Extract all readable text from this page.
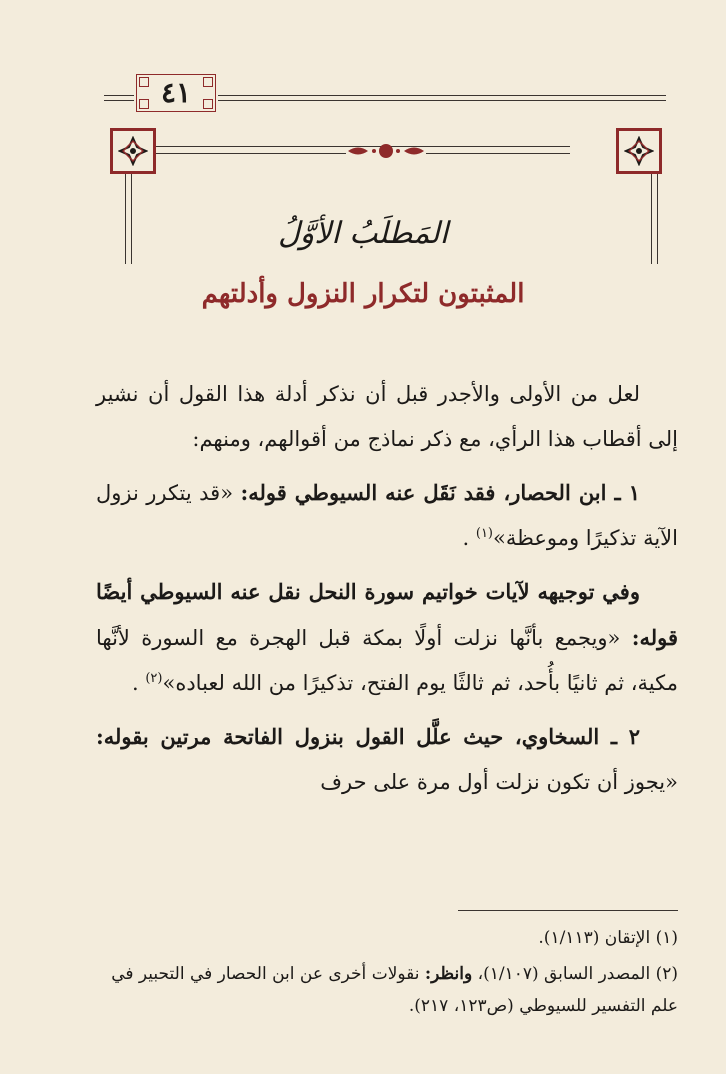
٤١
المَطلَبُ الأوَّلُ
المثبتون لتكرار النزول وأدلتهم

لعل من الأولى والأجدر قبل أن نذكر أدلة هذا القول أن نشير إلى أقطاب هذا الرأي، مع ذكر نماذج من أقوالهم، ومنهم:

١ ـ ابن الحصار، فقد نَقَل عنه السيوطي قوله: «قد يتكرر نزول الآية تذكيرًا وموعظة»$^{(١)}$ .

وفي توجيهه لآيات خواتيم سورة النحل نقل عنه السيوطي أيضًا قوله: «ويجمع بأنَّها نزلت أولًا بمكة قبل الهجرة مع السورة لأنَّها مكية، ثم ثانيًا بأُحد، ثم ثالثًا يوم الفتح، تذكيرًا من الله لعباده»$^{(٢)}$ .

٢ ـ السخاوي، حيث علَّل القول بنزول الفاتحة مرتين بقوله: «يجوز أن تكون نزلت أول مرة على حرف

(١) الإتقان (١/١١٣).

(٢) المصدر السابق (١/١٠٧)، وانظر: نقولات أخرى عن ابن الحصار في التحبير في علم التفسير للسيوطي (ص١٢٣، ٢١٧).
